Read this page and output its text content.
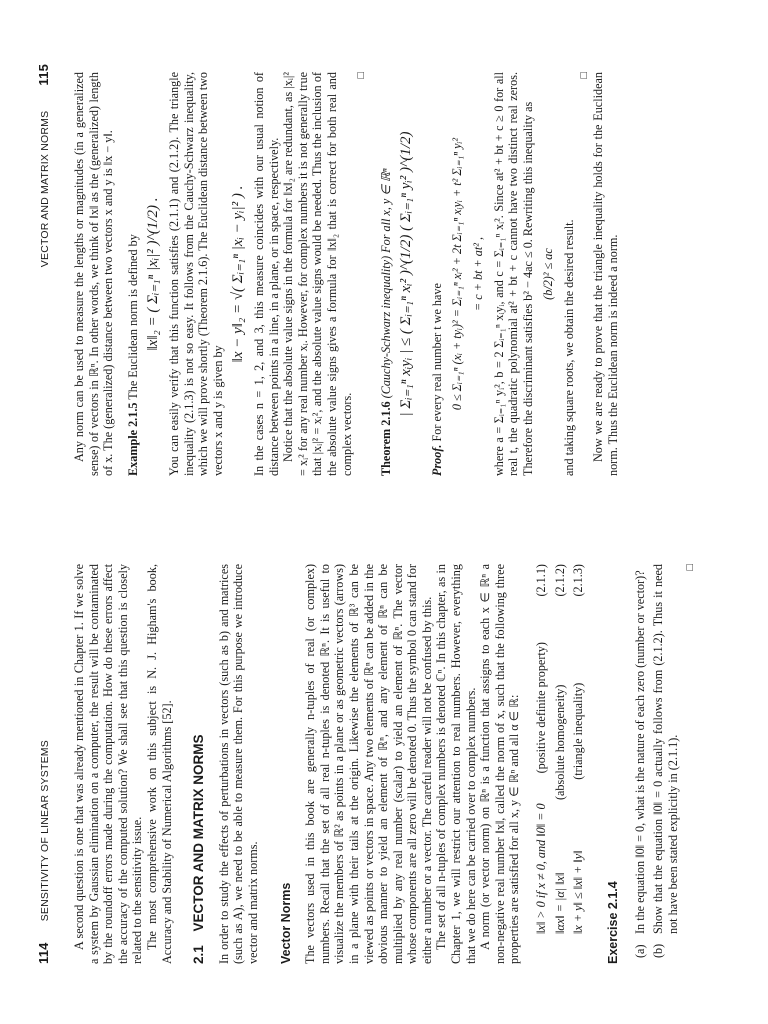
114 SENSITIVITY OF LINEAR SYSTEMS	A second question is one that was already mentioned in Chapter 1. If we solve a system by Gaussian elimination on a computer, the result will be contaminated by the roundoff errors made during the computation. How do these errors affect the accuracy of the computed solution? We shall see that this question is closely related to the sensitivity issue. The most comprehensive work on this subject is N. J. Higham's book, Accuracy and Stability of Numerical Algorithms [52]. 2.1 VECTOR AND MATRIX NORMS In order to study the effects of perturbations in vectors (such as b) and matrices (such as A), we need to be able to measure them. For this purpose we introduce vector and matrix norms. Vector Norms The vectors used in this book are generally n-tuples of real (or complex) numbers. Recall that the set of all real n-tuples is denoted ℝⁿ. It is useful to visualize the members of ℝ² as points in a plane or as geometric vectors (arrows) in a plane with their tails at the origin. Likewise the elements of ℝ³ can be viewed as points or vectors in space. Any two elements of ℝⁿ can be added in the obvious manner to yield an element of ℝⁿ, and any element of ℝⁿ can be multiplied by any real number (scalar) to yield an element of ℝⁿ. The vector whose components are all zero will be denoted 0. Thus the symbol 0 can stand for either a number or a vector. The careful reader will not be confused by this. The set of all n-tuples of complex numbers is denoted ℂⁿ. In this chapter, as in Chapter 1, we will restrict our attention to real numbers. However, everything that we do here can be carried over to complex numbers. A norm (or vector norm) on ℝⁿ is a function that assigns to each x ∈ ℝⁿ a non-negative real number ‖x‖, called the norm of x, such that the following three properties are satisfied for all x, y ∈ ℝⁿ and all α ∈ ℝ: ‖x‖ > 0 if x ≠ 0, and ‖0‖ = 0
(positive definite property)
(2.1.1)
‖αx‖ = |α| ‖x‖
(absolute homogeneity)
(2.1.2)
‖x + y‖ ≤ ‖x‖ + ‖y‖
(triangle inequality)
(2.1.3)
Exercise 2.1.4 (a)
In the equation ‖0‖ = 0, what is the nature of each zero (number or vector)?
(b)
Show that the equation ‖0‖ = 0 actually follows from (2.1.2). Thus it need not have been stated explicitly in (2.1.1).
□
VECTOR AND MATRIX NORMS 115	Any norm can be used to measure the lengths or magnitudes (in a generalized sense) of vectors in ℝⁿ. In other words, we think of ‖x‖ as the (generalized) length of x. The (generalized) distance between two vectors x and y is ‖x − y‖. Example 2.1.5 The Euclidean norm is defined by ‖x‖₂ = ( Σᵢ₌₁ⁿ |xᵢ|² )^(1/2) . You can easily verify that this function satisfies (2.1.1) and (2.1.2). The triangle inequality (2.1.3) is not so easy. It follows from the Cauchy-Schwarz inequality, which we will prove shortly (Theorem 2.1.6). The Euclidean distance between two vectors x and y is given by

‖x − y‖₂ = √( Σᵢ₌₁ⁿ |xᵢ − yᵢ|² ) . In the cases n = 1, 2, and 3, this measure coincides with our usual notion of distance between points in a line, in a plane, or in space, respectively. Notice that the absolute value signs in the formula for ‖x‖₂ are redundant, as |xᵢ|² = xᵢ² for any real number xᵢ. However, for complex numbers it is not generally true that |xᵢ|² = xᵢ², and the absolute value signs would be needed. Thus the inclusion of the absolute value signs gives a formula for ‖x‖₂ that is correct for both real and complex vectors.

□

Theorem 2.1.6 (Cauchy-Schwarz inequality) For all x, y ∈ ℝⁿ | Σᵢ₌₁ⁿ xᵢyᵢ | ≤ ( Σᵢ₌₁ⁿ xᵢ² )^(1/2) ( Σᵢ₌₁ⁿ yᵢ² )^(1/2)

Proof. For every real number t we have 0 ≤ Σᵢ₌₁ⁿ (xᵢ + tyᵢ)² = Σᵢ₌₁ⁿ xᵢ² + 2t Σᵢ₌₁ⁿ xᵢyᵢ + t² Σᵢ₌₁ⁿ yᵢ² = c + bt + at² , where a = Σᵢ₌₁ⁿ yᵢ², b = 2 Σᵢ₌₁ⁿ xᵢyᵢ, and c = Σᵢ₌₁ⁿ xᵢ². Since at² + bt + c ≥ 0 for all real t, the quadratic polynomial at² + bt + c cannot have two distinct real zeros. Therefore the discriminant satisfies b² − 4ac ≤ 0. Rewriting this inequality as (b/2)² ≤ ac and taking square roots, we obtain the desired result.

□ Now we are ready to prove that the triangle inequality holds for the Euclidean norm. Thus the Euclidean norm is indeed a norm.
